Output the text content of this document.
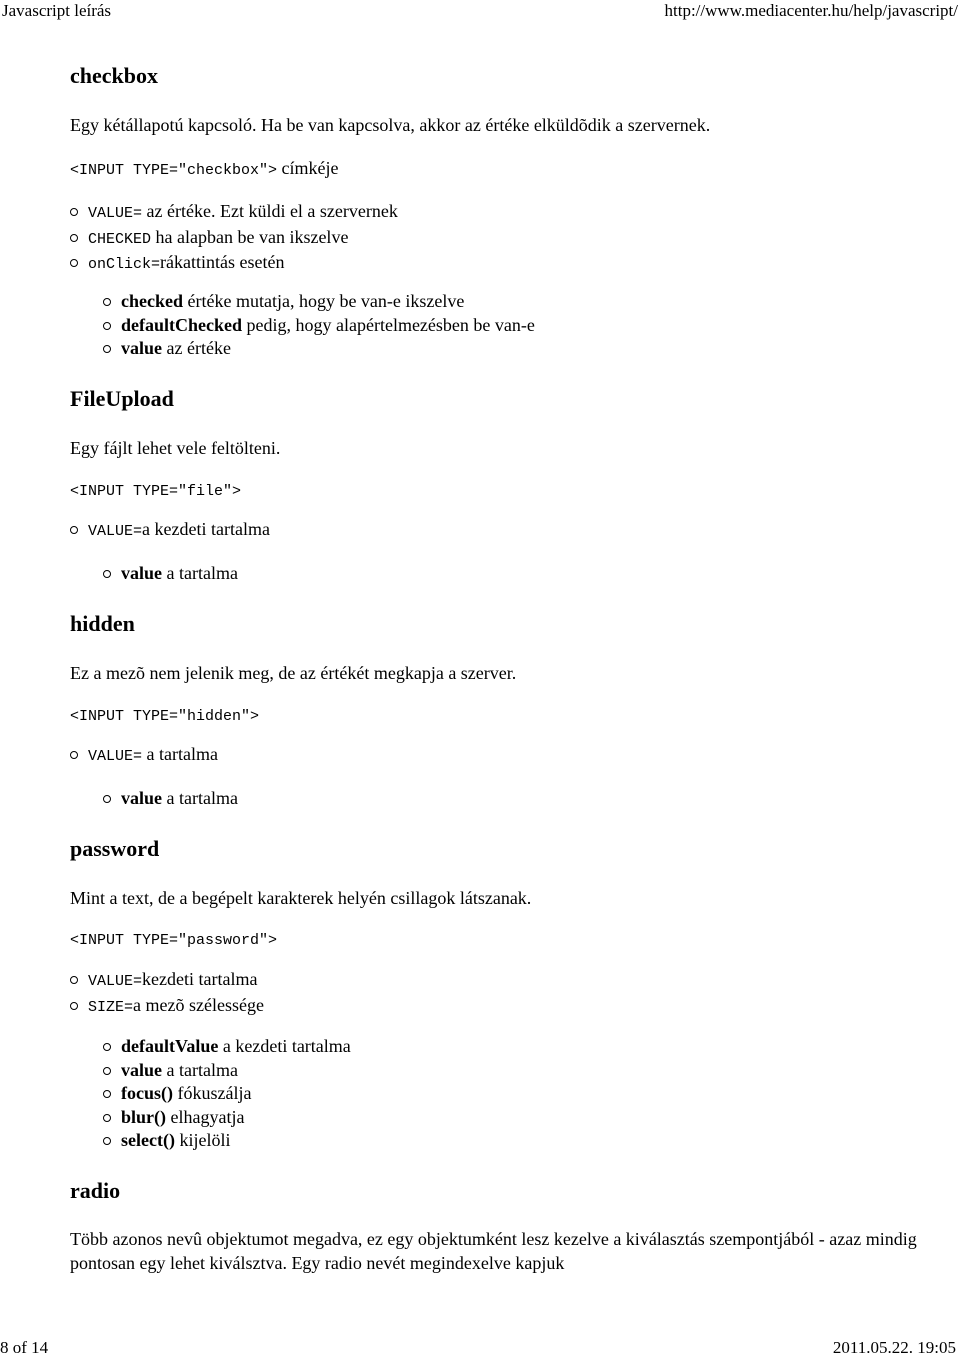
Javascript leírás	http://www.mediacenter.hu/help/javascript/
checkbox

Egy kétállapotú kapcsoló. Ha be van kapcsolva, akkor az értéke elküldõdik a szervernek.

<INPUT TYPE="checkbox"> címkéje

VALUE= az értéke. Ezt küldi el a szervernek
CHECKED ha alapban be van ikszelve
onClick=rákattintás esetén
checked értéke mutatja, hogy be van-e ikszelve
defaultChecked pedig, hogy alapértelmezésben be van-e
value az értéke
FileUpload

Egy fájlt lehet vele feltölteni.

<INPUT TYPE="file">

VALUE=a kezdeti tartalma
value a tartalma
hidden

Ez a mezõ nem jelenik meg, de az értékét megkapja a szerver.

<INPUT TYPE="hidden">

VALUE= a tartalma
value a tartalma
password

Mint a text, de a begépelt karakterek helyén csillagok látszanak.

<INPUT TYPE="password">

VALUE=kezdeti tartalma
SIZE=a mezõ szélessége
defaultValue a kezdeti tartalma
value a tartalma
focus() fókuszálja
blur() elhagyatja
select() kijelöli
radio

Több azonos nevû objektumot megadva, ez egy objektumként lesz kezelve a kiválasztás szempontjából - azaz mindig pontosan egy lehet kiválsztva. Egy radio nevét megindexelve kapjuk

8 of 14	2011.05.22. 19:05
